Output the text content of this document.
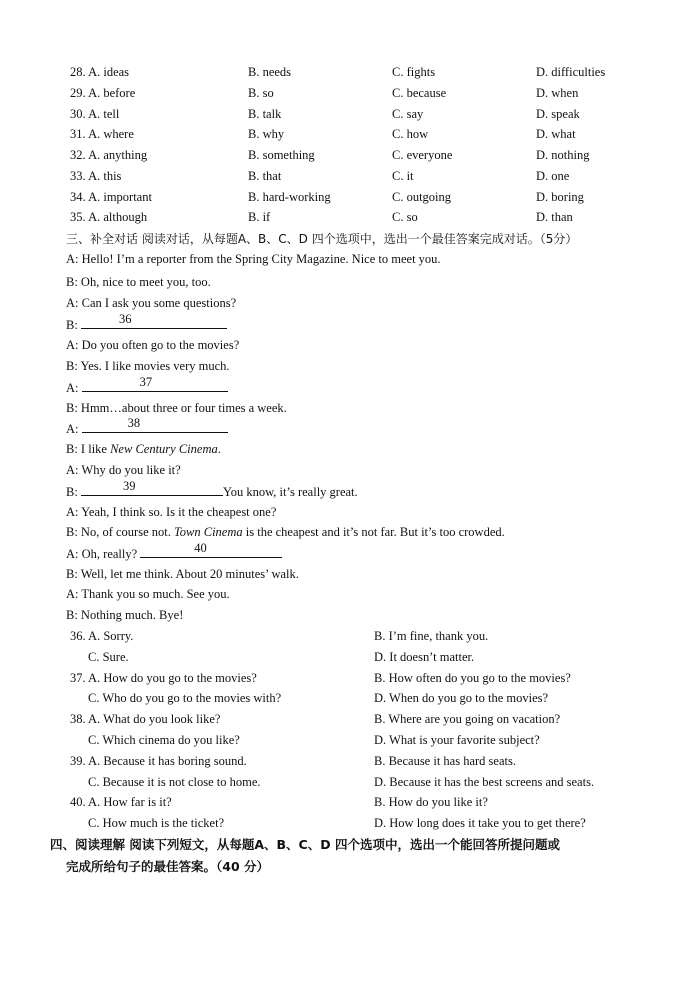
28. A. ideas	B. needs	C. fights	D. difficulties
29. A. before	B. so	C. because	D. when
30. A. tell	B. talk	C. say	D. speak
31. A. where	B. why	C. how	D. what
32. A. anything	B. something	C. everyone	D. nothing
33. A. this	B. that	C. it	D. one
34. A. important	B. hard-working	C. outgoing	D. boring
35. A. although	B. if	C. so	D. than
三、补全对话 阅读对话，从每题A、B、C、D 四个选项中，选出一个最佳答案完成对话。（5分）
A: Hello! I’m a reporter from the Spring City Magazine. Nice to meet you.
B: Oh, nice to meet you, too.
A: Can I ask you some questions?
B:	36
A: Do you often go to the movies?
B: Yes. I like movies very much.
A:	37
B: Hmm…about three or four times a week.
A:	38
B: I like New Century Cinema.
A: Why do you like it?
B:	39	You know, it’s really great.
A: Yeah, I think so. Is it the cheapest one?
B: No, of course not. Town Cinema is the cheapest and it’s not far. But it’s too crowded.
A: Oh, really?	40
B: Well, let me think. About 20 minutes’ walk.
A: Thank you so much. See you.
B: Nothing much. Bye!
36. A. Sorry.	B. I’m fine, thank you.
C. Sure.	D. It doesn’t matter.
37. A. How do you go to the movies?	B. How often do you go to the movies?
C. Who do you go to the movies with?	D. When do you go to the movies?
38. A. What do you look like?	B. Where are you going on vacation?
C. Which cinema do you like?	D. What is your favorite subject?
39. A. Because it has boring sound.	B. Because it has hard seats.
C. Because it is not close to home.	D. Because it has the best screens and seats.
40. A. How far is it?	B. How do you like it?
C. How much is the ticket?	D. How long does it take you to get there?
四、阅读理解 阅读下列短文，从每题A、B、C、D 四个选项中，选出一个能回答所提问题或
完成所给句子的最佳答案。（40 分）
